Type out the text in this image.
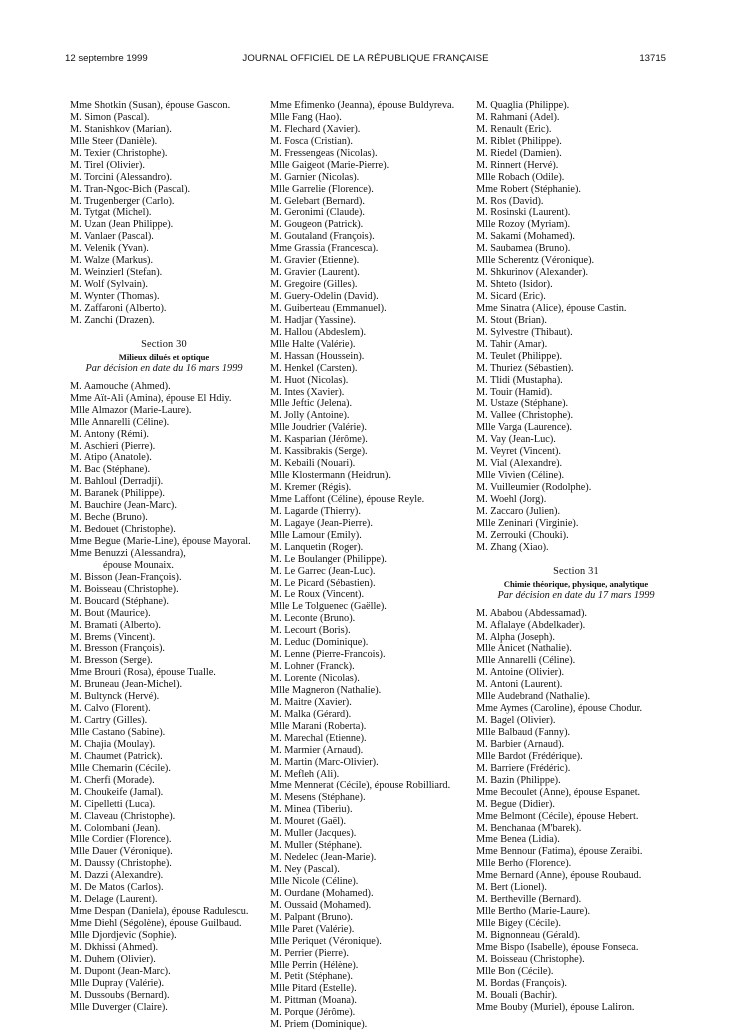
12 septembre 1999	JOURNAL OFFICIEL DE LA RÉPUBLIQUE FRANÇAISE	13715
Mme Shotkin (Susan), épouse Gascon.
M. Simon (Pascal).
M. Stanishkov (Marian).
Mlle Steer (Danièle).
M. Texier (Christophe).
M. Tirel (Olivier).
M. Torcini (Alessandro).
M. Tran-Ngoc-Bich (Pascal).
M. Trugenberger (Carlo).
M. Tytgat (Michel).
M. Uzan (Jean Philippe).
M. Vanlaer (Pascal).
M. Velenik (Yvan).
M. Walze (Markus).
M. Weinzierl (Stefan).
M. Wolf (Sylvain).
M. Wynter (Thomas).
M. Zaffaroni (Alberto).
M. Zanchi (Drazen).
Section 30
Milieux dilués et optique
Par décision en date du 16 mars 1999
M. Aamouche (Ahmed).
Mme Aït-Ali (Amina), épouse El Hdiy.
Mlle Almazor (Marie-Laure).
Mlle Annarelli (Céline).
M. Antony (Rémi).
M. Aschieri (Pierre).
M. Atipo (Anatole).
M. Bac (Stéphane).
M. Bahloul (Derradji).
M. Baranek (Philippe).
M. Bauchire (Jean-Marc).
M. Beche (Bruno).
M. Bedouet (Christophe).
Mme Begue (Marie-Line), épouse Mayoral.
Mme Benuzzi (Alessandra),
épouse Mounaix.
M. Bisson (Jean-François).
M. Boisseau (Christophe).
M. Boucard (Stéphane).
M. Bout (Maurice).
M. Bramati (Alberto).
M. Brems (Vincent).
M. Bresson (François).
M. Bresson (Serge).
Mme Brouri (Rosa), épouse Tualle.
M. Bruneau (Jean-Michel).
M. Bultynck (Hervé).
M. Calvo (Florent).
M. Cartry (Gilles).
Mlle Castano (Sabine).
M. Chajia (Moulay).
M. Chaumet (Patrick).
Mlle Chemarin (Cécile).
M. Cherfi (Morade).
M. Choukeife (Jamal).
M. Cipelletti (Luca).
M. Claveau (Christophe).
M. Colombani (Jean).
Mlle Cordier (Florence).
Mlle Dauer (Véronique).
M. Daussy (Christophe).
M. Dazzi (Alexandre).
M. De Matos (Carlos).
M. Delage (Laurent).
Mme Despan (Daniela), épouse Radulescu.
Mme Diehl (Ségolène), épouse Guilbaud.
Mlle Djordjevic (Sophie).
M. Dkhissi (Ahmed).
M. Duhem (Olivier).
M. Dupont (Jean-Marc).
Mlle Dupray (Valérie).
M. Dussoubs (Bernard).
Mlle Duverger (Claire).
Mme Efimenko (Jeanna), épouse Buldyreva.
Mlle Fang (Hao).
M. Flechard (Xavier).
M. Fosca (Cristian).
M. Fressengeas (Nicolas).
Mlle Gaigeot (Marie-Pierre).
M. Garnier (Nicolas).
Mlle Garrelie (Florence).
M. Gelebart (Bernard).
M. Geronimi (Claude).
M. Gougeon (Patrick).
M. Goutaland (François).
Mme Grassia (Francesca).
M. Gravier (Etienne).
M. Gravier (Laurent).
M. Gregoire (Gilles).
M. Guery-Odelin (David).
M. Guiberteau (Emmanuel).
M. Hadjar (Yassine).
M. Hallou (Abdeslem).
Mlle Halte (Valérie).
M. Hassan (Houssein).
M. Henkel (Carsten).
M. Huot (Nicolas).
M. Intes (Xavier).
Mlle Jeftic (Jelena).
M. Jolly (Antoine).
Mlle Joudrier (Valérie).
M. Kasparian (Jérôme).
M. Kassibrakis (Serge).
M. Kebaili (Nouari).
Mlle Klostermann (Heidrun).
M. Kremer (Régis).
Mme Laffont (Céline), épouse Reyle.
M. Lagarde (Thierry).
M. Lagaye (Jean-Pierre).
Mlle Lamour (Emily).
M. Lanquetin (Roger).
M. Le Boulanger (Philippe).
M. Le Garrec (Jean-Luc).
M. Le Picard (Sébastien).
M. Le Roux (Vincent).
Mlle Le Tolguenec (Gaëlle).
M. Leconte (Bruno).
M. Lecourt (Boris).
M. Leduc (Dominique).
M. Lenne (Pierre-Francois).
M. Lohner (Franck).
M. Lorente (Nicolas).
Mlle Magneron (Nathalie).
M. Maitre (Xavier).
M. Malka (Gérard).
Mlle Marani (Roberta).
M. Marechal (Etienne).
M. Marmier (Arnaud).
M. Martin (Marc-Olivier).
M. Mefleh (Ali).
Mme Mennerat (Cécile), épouse Robilliard.
M. Mesens (Stéphane).
M. Minea (Tiberiu).
M. Mouret (Gaël).
M. Muller (Jacques).
M. Muller (Stéphane).
M. Nedelec (Jean-Marie).
M. Ney (Pascal).
Mlle Nicole (Céline).
M. Ourdane (Mohamed).
M. Oussaid (Mohamed).
M. Palpant (Bruno).
Mlle Paret (Valérie).
Mlle Periquet (Véronique).
M. Perrier (Pierre).
Mlle Perrin (Hélène).
M. Petit (Stéphane).
Mlle Pitard (Estelle).
M. Pittman (Moana).
M. Porque (Jérôme).
M. Priem (Dominique).
M. Quaglia (Philippe).
M. Rahmani (Adel).
M. Renault (Eric).
M. Riblet (Philippe).
M. Riedel (Damien).
M. Rinnert (Hervé).
Mlle Robach (Odile).
Mme Robert (Stéphanie).
M. Ros (David).
M. Rosinski (Laurent).
Mlle Rozoy (Myriam).
M. Sakami (Mohamed).
M. Saubamea (Bruno).
Mlle Scherentz (Véronique).
M. Shkurinov (Alexander).
M. Shteto (Isidor).
M. Sicard (Eric).
Mme Sinatra (Alice), épouse Castin.
M. Stout (Brian).
M. Sylvestre (Thibaut).
M. Tahir (Amar).
M. Teulet (Philippe).
M. Thuriez (Sébastien).
M. Tlidi (Mustapha).
M. Touir (Hamid).
M. Ustaze (Stéphane).
M. Vallee (Christophe).
Mlle Varga (Laurence).
M. Vay (Jean-Luc).
M. Veyret (Vincent).
M. Vial (Alexandre).
Mlle Vivien (Céline).
M. Vuilleumier (Rodolphe).
M. Woehl (Jorg).
M. Zaccaro (Julien).
Mlle Zeninari (Virginie).
M. Zerrouki (Chouki).
M. Zhang (Xiao).
Section 31
Chimie théorique, physique, analytique
Par décision en date du 17 mars 1999
M. Ababou (Abdessamad).
M. Aflalaye (Abdelkader).
M. Alpha (Joseph).
Mlle Anicet (Nathalie).
Mlle Annarelli (Céline).
M. Antoine (Olivier).
M. Antoni (Laurent).
Mlle Audebrand (Nathalie).
Mme Aymes (Caroline), épouse Chodur.
M. Bagel (Olivier).
Mlle Balbaud (Fanny).
M. Barbier (Arnaud).
Mlle Bardot (Frédérique).
M. Barriere (Frédéric).
M. Bazin (Philippe).
Mme Becoulet (Anne), épouse Espanet.
M. Begue (Didier).
Mme Belmont (Cécile), épouse Hebert.
M. Benchanaa (M'barek).
Mme Benea (Lidia).
Mme Bennour (Fatima), épouse Zeraibi.
Mlle Berho (Florence).
Mme Bernard (Anne), épouse Roubaud.
M. Bert (Lionel).
M. Bertheville (Bernard).
Mlle Bertho (Marie-Laure).
Mlle Bigey (Cécile).
M. Bignonneau (Gérald).
Mme Bispo (Isabelle), épouse Fonseca.
M. Boisseau (Christophe).
Mlle Bon (Cécile).
M. Bordas (François).
M. Bouali (Bachir).
Mme Bouby (Muriel), épouse Laliron.
